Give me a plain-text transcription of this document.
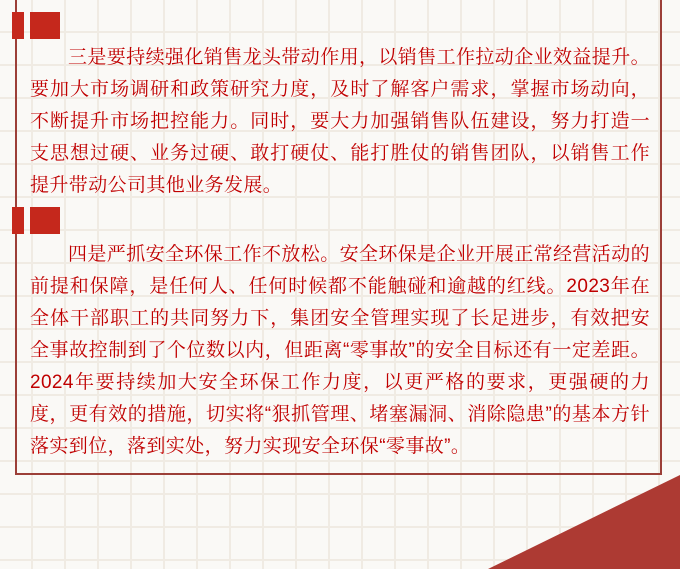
三是要持续强化销售龙头带动作用，以销售工作拉动企业效益提升。要加大市场调研和政策研究力度，及时了解客户需求，掌握市场动向，不断提升市场把控能力。同时，要大力加强销售队伍建设，努力打造一支思想过硬、业务过硬、敢打硬仗、能打胜仗的销售团队，以销售工作提升带动公司其他业务发展。

四是严抓安全环保工作不放松。安全环保是企业开展正常经营活动的前提和保障，是任何人、任何时候都不能触碰和逾越的红线。2023年在全体干部职工的共同努力下，集团安全管理实现了长足进步，有效把安全事故控制到了个位数以内，但距离“零事故”的安全目标还有一定差距。2024年要持续加大安全环保工作力度，以更严格的要求，更强硬的力度，更有效的措施，切实将“狠抓管理、堵塞漏洞、消除隐患”的基本方针落实到位，落到实处，努力实现安全环保“零事故”。
